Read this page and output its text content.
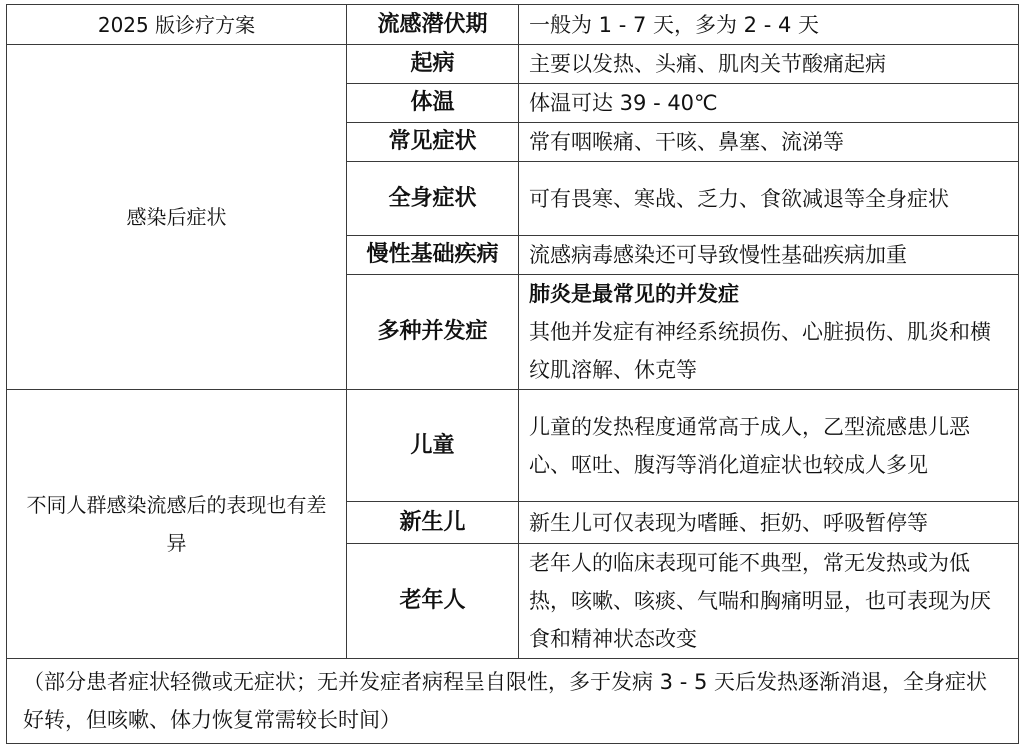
2025 版诊疗方案	流感潜伏期	一般为 1 - 7 天，多为 2 - 4 天
感染后症状	起病	主要以发热、头痛、肌肉关节酸痛起病
	体温	体温可达 39 - 40℃
	常见症状	常有咽喉痛、干咳、鼻塞、流涕等
	全身症状	可有畏寒、寒战、乏力、食欲减退等全身症状
	慢性基础疾病	流感病毒感染还可导致慢性基础疾病加重
	多种并发症	肺炎是最常见的并发症
其他并发症有神经系统损伤、心脏损伤、肌炎和横纹肌溶解、休克等

不同人群感染流感后的表现也有差异	儿童	儿童的发热程度通常高于成人，乙型流感患儿恶心、呕吐、腹泻等消化道症状也较成人多见
	新生儿	新生儿可仅表现为嗜睡、拒奶、呼吸暂停等
	老年人	老年人的临床表现可能不典型，常无发热或为低热，咳嗽、咳痰、气喘和胸痛明显，也可表现为厌食和精神状态改变
（部分患者症状轻微或无症状；无并发症者病程呈自限性，多于发病 3 - 5 天后发热逐渐消退，全身症状好转，但咳嗽、体力恢复常需较长时间）		
